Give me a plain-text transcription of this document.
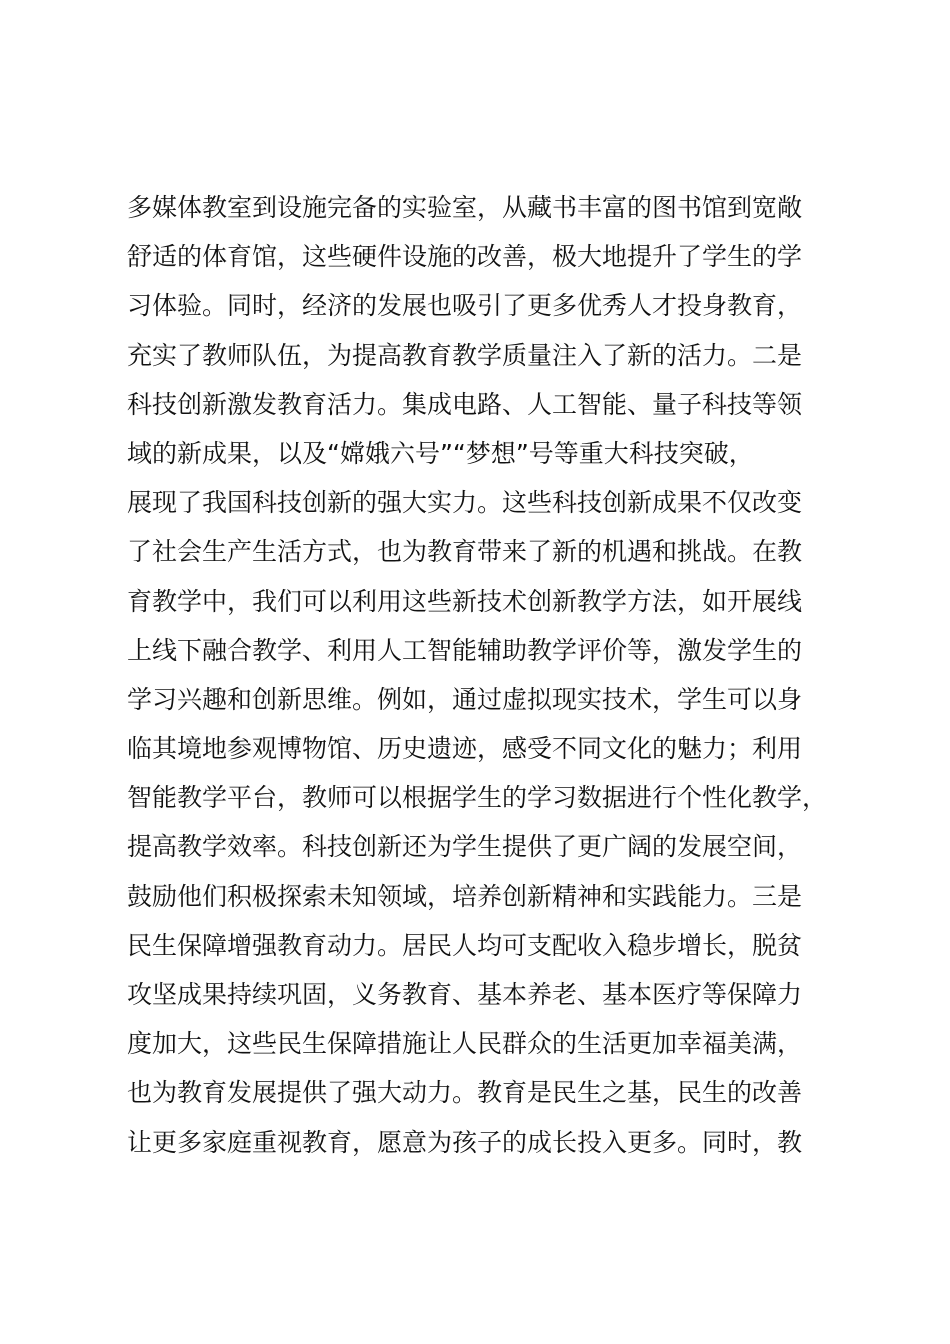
多媒体教室到设施完备的实验室，从藏书丰富的图书馆到宽敞
舒适的体育馆，这些硬件设施的改善，极大地提升了学生的学
习体验。同时，经济的发展也吸引了更多优秀人才投身教育，
充实了教师队伍，为提高教育教学质量注入了新的活力。二是
科技创新激发教育活力。集成电路、人工智能、量子科技等领
域的新成果，以及“嫦娥六号”“梦想”号等重大科技突破，
展现了我国科技创新的强大实力。这些科技创新成果不仅改变
了社会生产生活方式，也为教育带来了新的机遇和挑战。在教
育教学中，我们可以利用这些新技术创新教学方法，如开展线
上线下融合教学、利用人工智能辅助教学评价等，激发学生的
学习兴趣和创新思维。例如，通过虚拟现实技术，学生可以身
临其境地参观博物馆、历史遗迹，感受不同文化的魅力；利用
智能教学平台，教师可以根据学生的学习数据进行个性化教学，
提高教学效率。科技创新还为学生提供了更广阔的发展空间，
鼓励他们积极探索未知领域，培养创新精神和实践能力。三是
民生保障增强教育动力。居民人均可支配收入稳步增长，脱贫
攻坚成果持续巩固，义务教育、基本养老、基本医疗等保障力
度加大，这些民生保障措施让人民群众的生活更加幸福美满，
也为教育发展提供了强大动力。教育是民生之基，民生的改善
让更多家庭重视教育，愿意为孩子的成长投入更多。同时，教
